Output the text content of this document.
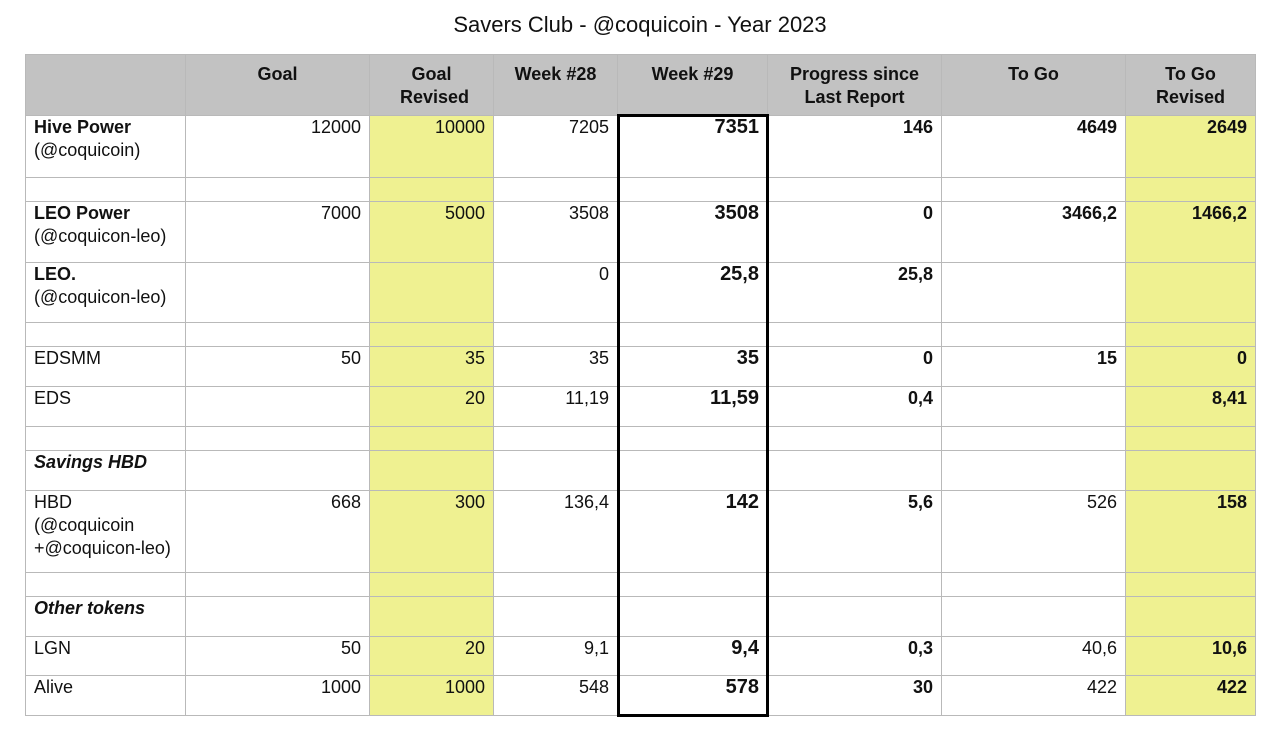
Savers Club - @coquicoin - Year 2023
	Goal	Goal Revised	Week #28	Week #29	Progress since Last Report	To Go	To Go Revised

Hive Power
(@coquicoin)	12000	10000	7205	7351	146	4649	2649

LEO Power
(@coquicon-leo)	7000	5000	3508	3508	0	3466,2	1466,2

LEO.
(@coquicon-leo)			0	25,8	25,8		

EDSMM	50	35	35	35	0	15	0

EDS		20	11,19	11,59	0,4		8,41

Savings HBD							

HBD
(@coquicoin
+@coquicon-leo)	668	300	136,4	142	5,6	526	158

Other tokens							

LGN	50	20	9,1	9,4	0,3	40,6	10,6

Alive	1000	1000	548	578	30	422	422
